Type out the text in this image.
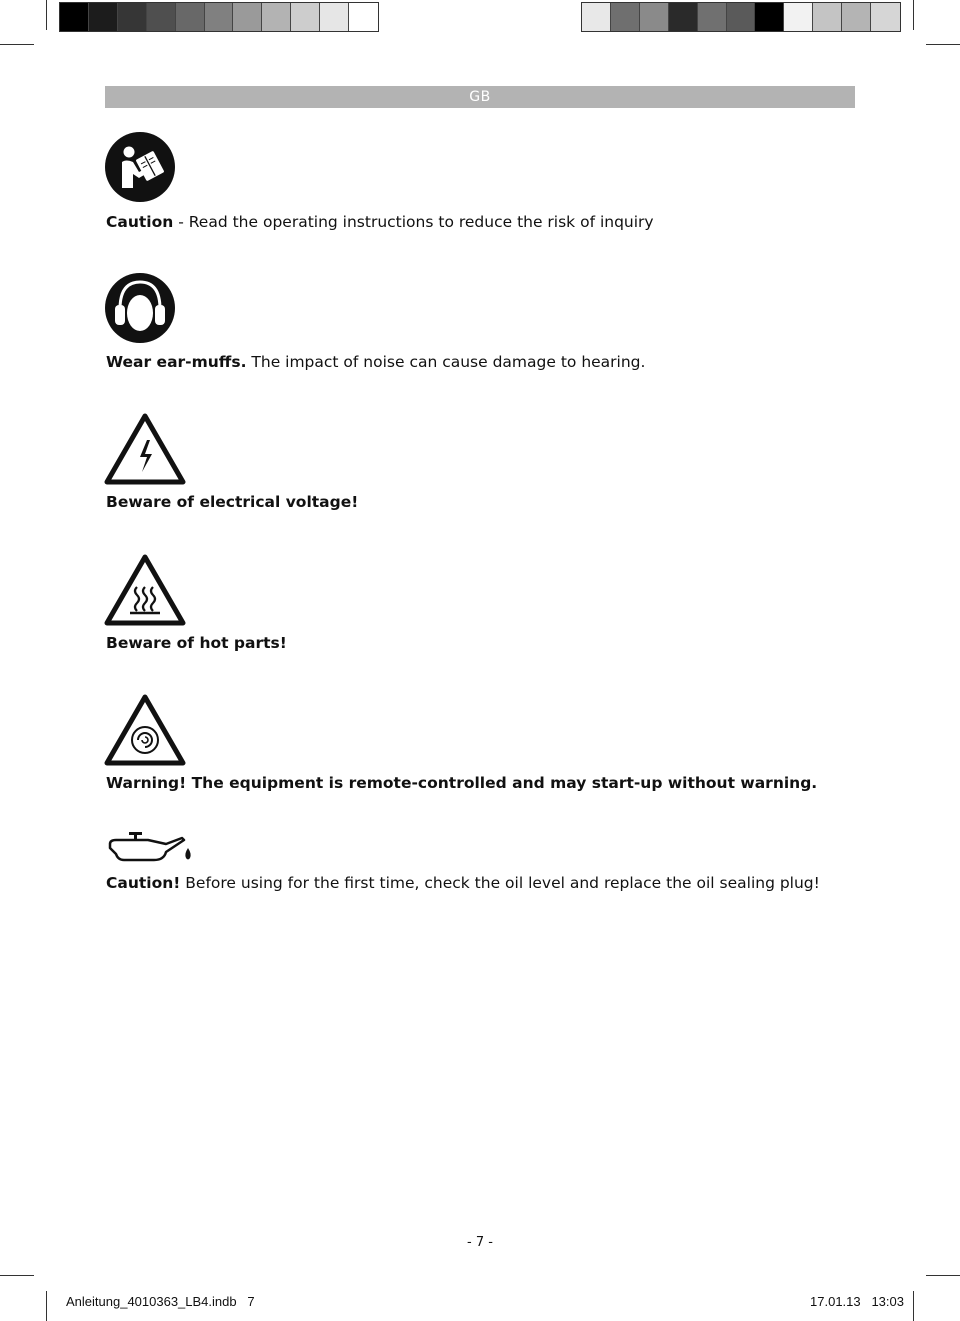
GB
Caution - Read the operating instructions to reduce the risk of inquiry
Wear ear-muffs. The impact of noise can cause damage to hearing.
Beware of electrical voltage!
Beware of hot parts!
Warning! The equipment is remote-controlled and may start-up without warning.
Caution! Before using for the first time, check the oil level and replace the oil sealing plug!
- 7 -
Anleitung_4010363_LB4.indb   7	17.01.13   13:03
